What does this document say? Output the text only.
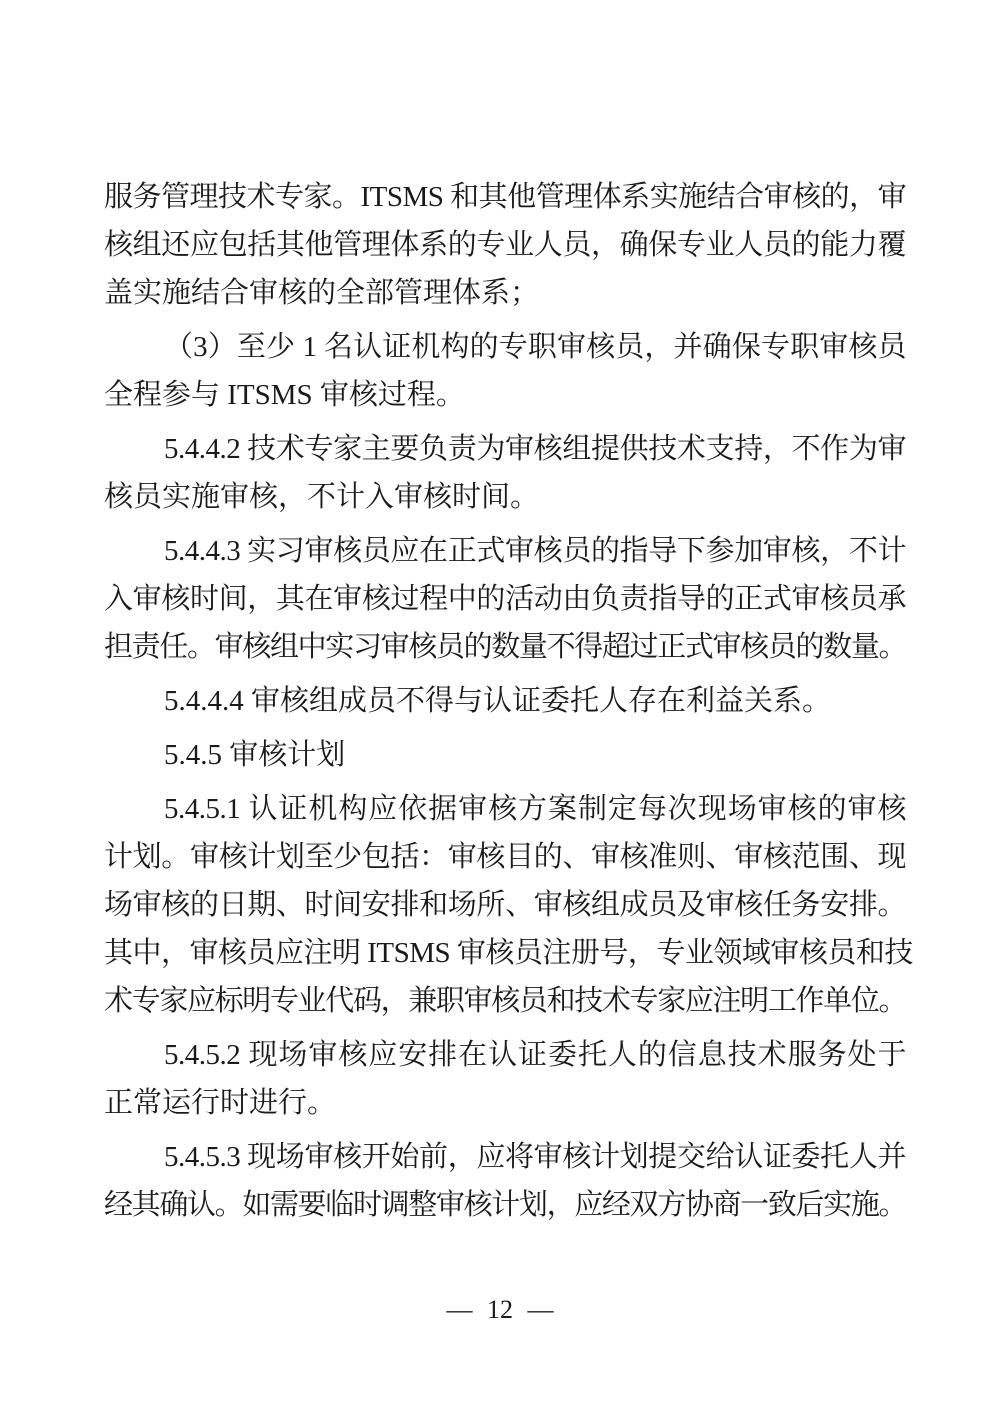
服务管理技术专家。ITSMS 和其他管理体系实施结合审核的，审
核组还应包括其他管理体系的专业人员，确保专业人员的能力覆
盖实施结合审核的全部管理体系；
（3）至少 1 名认证机构的专职审核员，并确保专职审核员
全程参与 ITSMS 审核过程。
5.4.4.2 技术专家主要负责为审核组提供技术支持，不作为审
核员实施审核，不计入审核时间。
5.4.4.3 实习审核员应在正式审核员的指导下参加审核，不计
入审核时间，其在审核过程中的活动由负责指导的正式审核员承
担责任。审核组中实习审核员的数量不得超过正式审核员的数量。
5.4.4.4 审核组成员不得与认证委托人存在利益关系。
5.4.5 审核计划
5.4.5.1 认证机构应依据审核方案制定每次现场审核的审核
计划。审核计划至少包括：审核目的、审核准则、审核范围、现
场审核的日期、时间安排和场所、审核组成员及审核任务安排。
其中，审核员应注明 ITSMS 审核员注册号，专业领域审核员和技
术专家应标明专业代码，兼职审核员和技术专家应注明工作单位。
5.4.5.2 现场审核应安排在认证委托人的信息技术服务处于
正常运行时进行。
5.4.5.3 现场审核开始前，应将审核计划提交给认证委托人并
经其确认。如需要临时调整审核计划，应经双方协商一致后实施。
— 12 —
